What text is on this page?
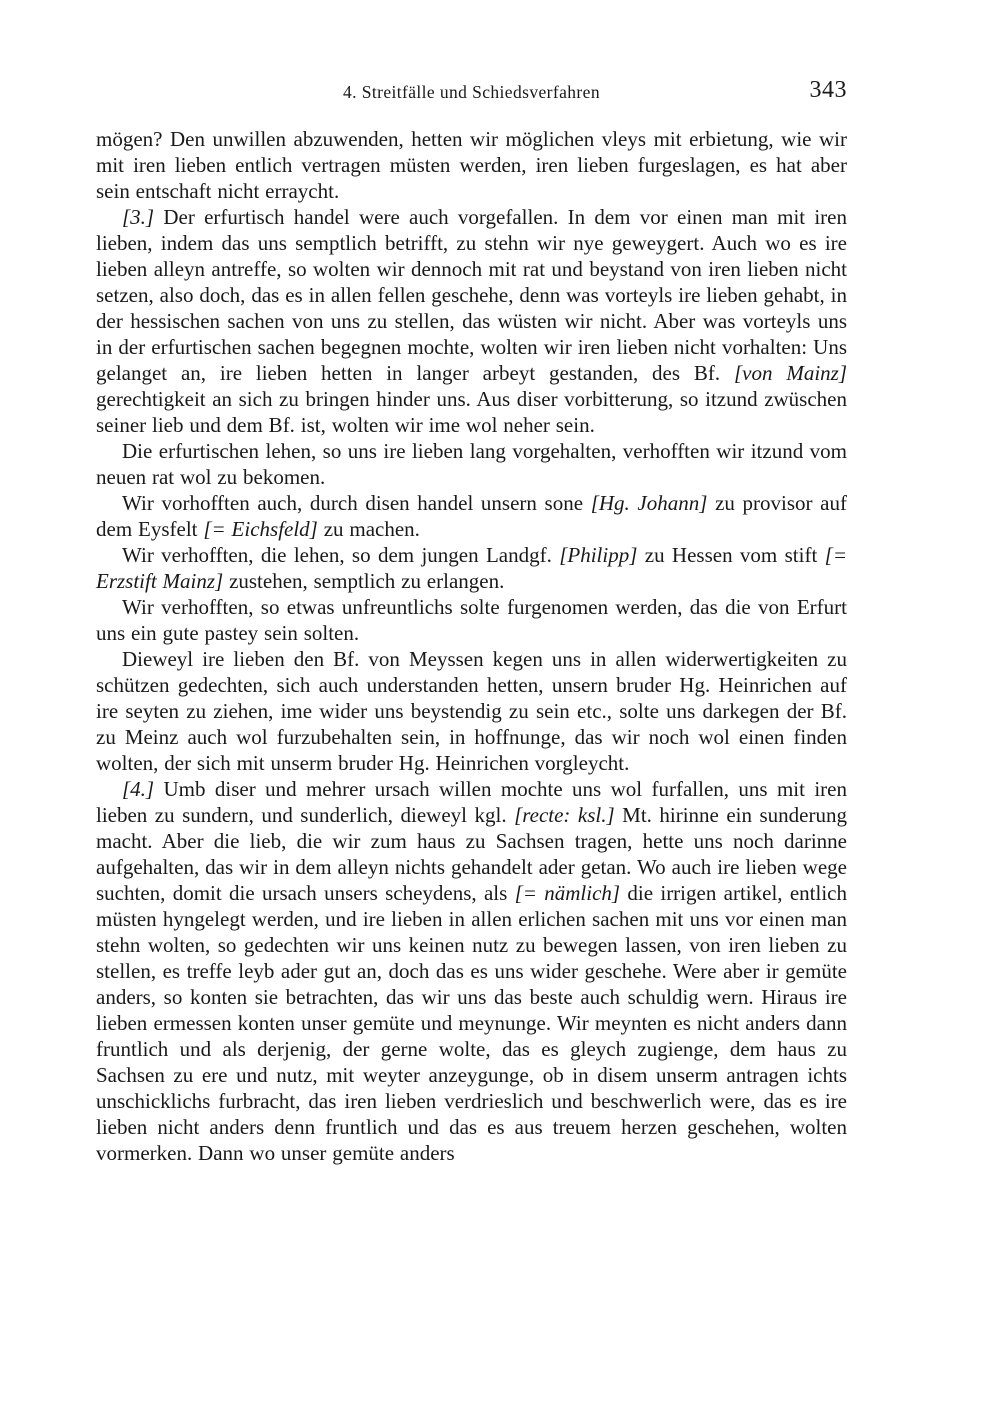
4. Streitfälle und Schiedsverfahren	343

mögen? Den unwillen abzuwenden, hetten wir möglichen vleys mit erbietung, wie wir mit iren lieben entlich vertragen müsten werden, iren lieben furgeslagen, es hat aber sein entschaft nicht erraycht.

[3.] Der erfurtisch handel were auch vorgefallen. In dem vor einen man mit iren lieben, indem das uns semptlich betrifft, zu stehn wir nye geweygert. Auch wo es ire lieben alleyn antreffe, so wolten wir dennoch mit rat und beystand von iren lieben nicht setzen, also doch, das es in allen fellen geschehe, denn was vorteyls ire lieben gehabt, in der hessischen sachen von uns zu stellen, das wüsten wir nicht. Aber was vorteyls uns in der erfurtischen sachen begegnen mochte, wolten wir iren lieben nicht vorhalten: Uns gelanget an, ire lieben hetten in langer arbeyt gestanden, des Bf. [von Mainz] gerechtigkeit an sich zu bringen hinder uns. Aus diser vorbitterung, so itzund zwüschen seiner lieb und dem Bf. ist, wolten wir ime wol neher sein.

Die erfurtischen lehen, so uns ire lieben lang vorgehalten, verhofften wir itzund vom neuen rat wol zu bekomen.

Wir vorhofften auch, durch disen handel unsern sone [Hg. Johann] zu provisor auf dem Eysfelt [= Eichsfeld] zu machen.

Wir verhofften, die lehen, so dem jungen Landgf. [Philipp] zu Hessen vom stift [= Erzstift Mainz] zustehen, semptlich zu erlangen.

Wir verhofften, so etwas unfreuntlichs solte furgenomen werden, das die von Erfurt uns ein gute pastey sein solten.

Dieweyl ire lieben den Bf. von Meyssen kegen uns in allen widerwertigkeiten zu schützen gedechten, sich auch understanden hetten, unsern bruder Hg. Heinrichen auf ire seyten zu ziehen, ime wider uns beystendig zu sein etc., solte uns darkegen der Bf. zu Meinz auch wol furzubehalten sein, in hoffnunge, das wir noch wol einen finden wolten, der sich mit unserm bruder Hg. Heinrichen vorgleycht.

[4.] Umb diser und mehrer ursach willen mochte uns wol furfallen, uns mit iren lieben zu sundern, und sunderlich, dieweyl kgl. [recte: ksl.] Mt. hirinne ein sunderung macht. Aber die lieb, die wir zum haus zu Sachsen tragen, hette uns noch darinne aufgehalten, das wir in dem alleyn nichts gehandelt ader getan. Wo auch ire lieben wege suchten, domit die ursach unsers scheydens, als [= nämlich] die irrigen artikel, entlich müsten hyngelegt werden, und ire lieben in allen erlichen sachen mit uns vor einen man stehn wolten, so gedechten wir uns keinen nutz zu bewegen lassen, von iren lieben zu stellen, es treffe leyb ader gut an, doch das es uns wider geschehe. Were aber ir gemüte anders, so konten sie betrachten, das wir uns das beste auch schuldig wern. Hiraus ire lieben ermessen konten unser gemüte und meynunge. Wir meynten es nicht anders dann fruntlich und als derjenig, der gerne wolte, das es gleych zugienge, dem haus zu Sachsen zu ere und nutz, mit weyter anzeygunge, ob in disem unserm antragen ichts unschicklichs furbracht, das iren lieben verdrieslich und beschwerlich were, das es ire lieben nicht anders denn fruntlich und das es aus treuem herzen geschehen, wolten vormerken. Dann wo unser gemüte anders
